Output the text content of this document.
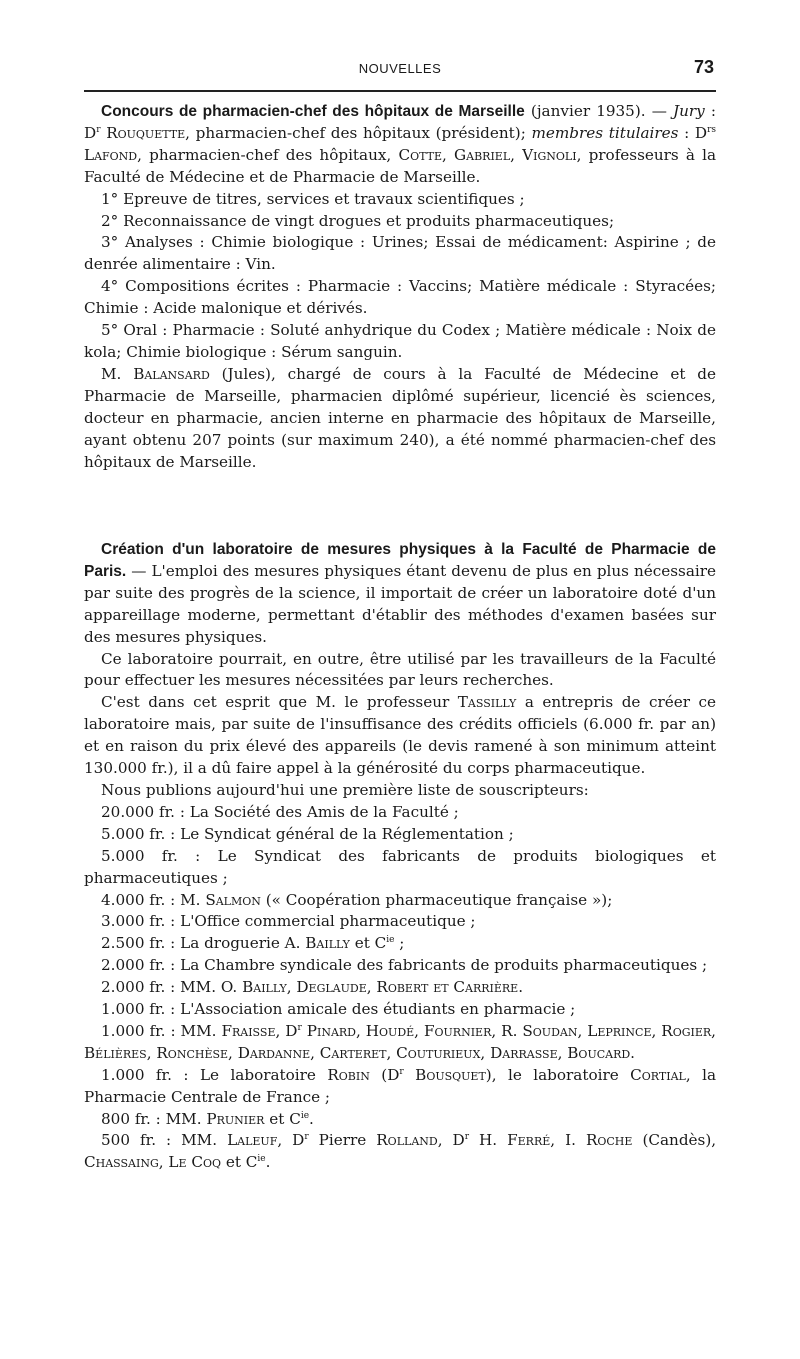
NOUVELLES	73

Concours de pharmacien-chef des hôpitaux de Marseille (janvier 1935). — Jury : $D^r$ Rouquette, pharmacien-chef des hôpitaux (président); membres titulaires : $D^{rs}$ Lafond, pharmacien-chef des hôpitaux, Cotte, Gabriel, Vignoli, professeurs à la Faculté de Médecine et de Pharmacie de Marseille.

1° Epreuve de titres, services et travaux scientifiques ;

2° Reconnaissance de vingt drogues et produits pharmaceutiques;

3° Analyses : Chimie biologique : Urines; Essai de médicament: Aspirine ; de denrée alimentaire : Vin.

4° Compositions écrites : Pharmacie : Vaccins; Matière médicale : Styracées; Chimie : Acide malonique et dérivés.

5° Oral : Pharmacie : Soluté anhydrique du Codex ; Matière médicale : Noix de kola; Chimie biologique : Sérum sanguin.

M. Balansard (Jules), chargé de cours à la Faculté de Médecine et de Pharmacie de Marseille, pharmacien diplômé supérieur, licencié ès sciences, docteur en pharmacie, ancien interne en pharmacie des hôpitaux de Marseille, ayant obtenu 207 points (sur maximum 240), a été nommé pharmacien-chef des hôpitaux de Marseille.

Création d'un laboratoire de mesures physiques à la Faculté de Pharmacie de Paris. — L'emploi des mesures physiques étant devenu de plus en plus nécessaire par suite des progrès de la science, il importait de créer un laboratoire doté d'un appareillage moderne, permettant d'établir des méthodes d'examen basées sur des mesures physiques.

Ce laboratoire pourrait, en outre, être utilisé par les travailleurs de la Faculté pour effectuer les mesures nécessitées par leurs recherches.

C'est dans cet esprit que M. le professeur Tassilly a entrepris de créer ce laboratoire mais, par suite de l'insuffisance des crédits officiels (6.000 fr. par an) et en raison du prix élevé des appareils (le devis ramené à son minimum atteint 130.000 fr.), il a dû faire appel à la générosité du corps pharmaceutique.

Nous publions aujourd'hui une première liste de souscripteurs:

20.000 fr. : La Société des Amis de la Faculté ;

5.000 fr. : Le Syndicat général de la Réglementation ;

5.000 fr. : Le Syndicat des fabricants de produits biologiques et pharmaceutiques ;

4.000 fr. : M. Salmon (« Coopération pharmaceutique française »);

3.000 fr. : L'Office commercial pharmaceutique ;

2.500 fr. : La droguerie A. Bailly et $C^{ie}$ ;

2.000 fr. : La Chambre syndicale des fabricants de produits pharmaceutiques ;

2.000 fr. : MM. O. Bailly, Deglaude, Robert et Carrière.

1.000 fr. : L'Association amicale des étudiants en pharmacie ;

1.000 fr. : MM. Fraisse, $D^r$ Pinard, Houdé, Fournier, R. Soudan, Leprince, Rogier, Bélières, Ronchèse, Dardanne, Carteret, Couturieux, Darrasse, Boucard.

1.000 fr. : Le laboratoire Robin ($D^r$ Bousquet), le laboratoire Cortial, la Pharmacie Centrale de France ;

800 fr. : MM. Prunier et $C^{ie}$.

500 fr. : MM. Laleuf, $D^r$ Pierre Rolland, $D^r$ H. Ferré, I. Roche (Candès), Chassaing, Le Coq et $C^{ie}$.
